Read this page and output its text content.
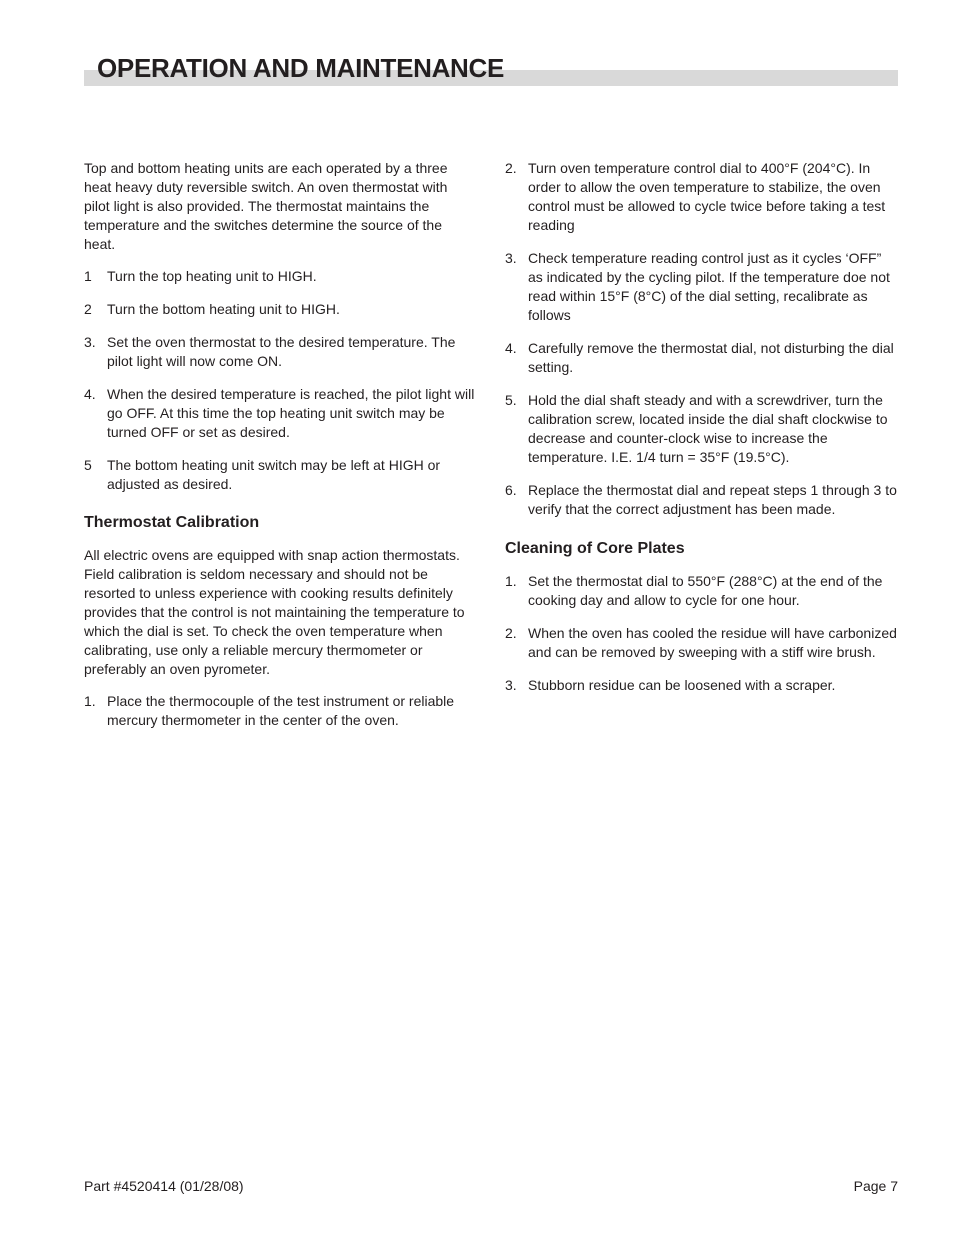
OPERATION AND MAINTENANCE

Top and bottom heating units are each operated by a three heat heavy duty reversible switch. An oven thermostat with pilot light is also provided. The thermostat maintains the temperature and the switches determine the source of the heat.

1 Turn the top heating unit to HIGH.
2 Turn the bottom heating unit to HIGH.
3. Set the oven thermostat to the desired temperature. The pilot light will now come ON.
4. When the desired temperature is reached, the pilot light will go OFF. At this time the top heating unit switch may be turned OFF or set as desired.
5 The bottom heating unit switch may be left at HIGH or adjusted as desired.
Thermostat Calibration

All electric ovens are equipped with snap action thermostats. Field calibration is seldom necessary and should not be resorted to unless experience with cooking results definitely provides that the control is not maintaining the temperature to which the dial is set. To check the oven temperature when calibrating, use only a reliable mercury thermometer or preferably an oven pyrometer.

1. Place the thermocouple of the test instrument or reliable mercury thermometer in the center of the oven.
2. Turn oven temperature control dial to 400°F (204°C). In order to allow the oven temperature to stabilize, the oven control must be allowed to cycle twice before taking a test reading
3. Check temperature reading control just as it cycles ‘OFF” as indicated by the cycling pilot. If the temperature doe not read within 15°F (8°C) of the dial setting, recalibrate as follows
4. Carefully remove the thermostat dial, not disturbing the dial setting.
5. Hold the dial shaft steady and with a screwdriver, turn the calibration screw, located inside the dial shaft clockwise to decrease and counter-clock wise to increase the temperature. I.E. 1/4 turn = 35°F (19.5°C).
6. Replace the thermostat dial and repeat steps 1 through 3 to verify that the correct adjustment has been made.
Cleaning of Core Plates
1. Set the thermostat dial to 550°F (288°C) at the end of the cooking day and allow to cycle for one hour.
2. When the oven has cooled the residue will have carbonized and can be removed by sweeping with a stiff wire brush.
3. Stubborn residue can be loosened with a scraper.
Part #4520414 (01/28/08)	Page 7
